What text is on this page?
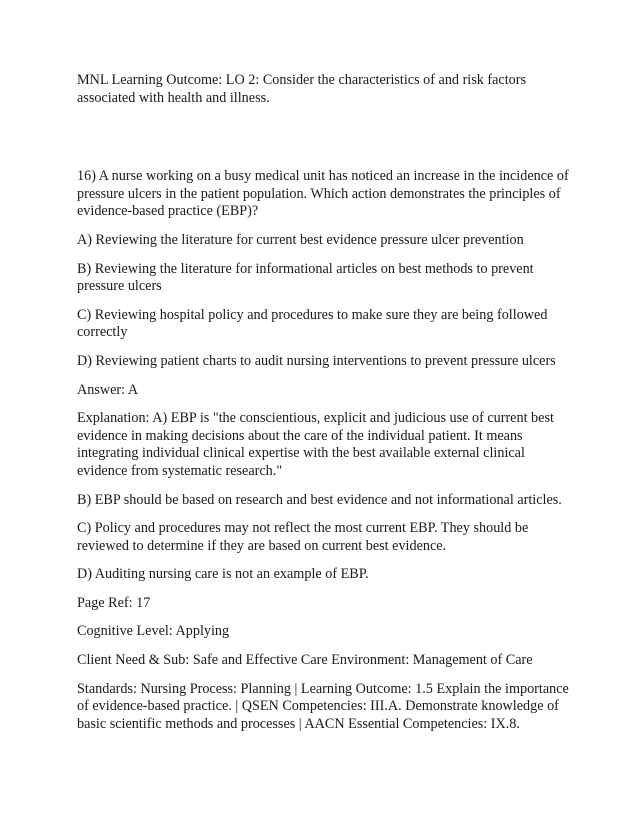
MNL Learning Outcome: LO 2: Consider the characteristics of and risk factors associated with health and illness.

16) A nurse working on a busy medical unit has noticed an increase in the incidence of pressure ulcers in the patient population. Which action demonstrates the principles of evidence-based practice (EBP)?

A) Reviewing the literature for current best evidence pressure ulcer prevention

B) Reviewing the literature for informational articles on best methods to prevent pressure ulcers

C) Reviewing hospital policy and procedures to make sure they are being followed correctly

D) Reviewing patient charts to audit nursing interventions to prevent pressure ulcers

Answer: A

Explanation: A) EBP is "the conscientious, explicit and judicious use of current best evidence in making decisions about the care of the individual patient. It means integrating individual clinical expertise with the best available external clinical evidence from systematic research."

B) EBP should be based on research and best evidence and not informational articles.

C) Policy and procedures may not reflect the most current EBP. They should be reviewed to determine if they are based on current best evidence.

D) Auditing nursing care is not an example of EBP.

Page Ref: 17

Cognitive Level: Applying

Client Need & Sub: Safe and Effective Care Environment: Management of Care

Standards: Nursing Process: Planning | Learning Outcome: 1.5 Explain the importance of evidence-based practice. | QSEN Competencies: III.A. Demonstrate knowledge of basic scientific methods and processes | AACN Essential Competencies: IX.8.
